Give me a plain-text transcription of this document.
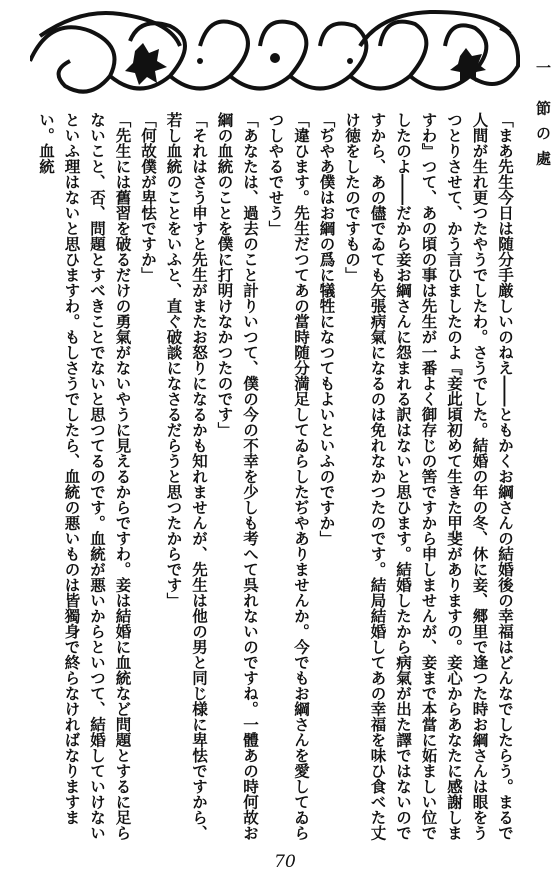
一 節の處

「まあ先生今日は随分手厳しいのねえ――ともかくお綱さんの結婚後の幸福はどんなでしたらう。まるで人間が生れ更つたやうでしたわ。さうでした。結婚の年の冬、休に妾、郷里で逢つた時お綱さんは眼をうつとりさせて、かう言ひましたのよ『妾此頃初めて生きた甲斐がありますの。妾心からあなたに感謝しますわ』つて、あの頃の事は先生が一番よく御存じの筈ですから申しませんが、妾まで本當に妬ましい位でしたのよ――だから妾お綱さんに怨まれる訳はないと思ひます。結婚したから病氣が出た譯ではないのですから、あの儘でゐても矢張病氣になるのは免れなかつたのです。結局結婚してあの幸福を味ひ食べた丈け徳をしたのですもの」

「ぢやあ僕はお綱の爲に犠牲になつてもよいといふのですか」

「違ひます。先生だつてあの當時随分満足してゐらしたぢやありませんか。今でもお綱さんを愛してゐらつしやるでせう」

「あなたは、過去のこと計りいつて、僕の今の不幸を少しも考へて呉れないのですね。一體あの時何故お綱の血統のことを僕に打明けなかつたのです」

「それはさう申すと先生がまたお怒りになるかも知れませんが、先生は他の男と同じ様に卑怯ですから、若し血統のことをいふと、直ぐ破談になさるだらうと思つたからです」

「何故僕が卑怯ですか」

「先生には舊習を破るだけの勇氣がないやうに見えるからですわ。妾は結婚に血統など問題とするに足らないこと、否、問題とすべきことでないと思つてるのです。血統が悪いからといつて、結婚していけないといふ理はないと思ひますわ。もしさうでしたら、血統の悪いものは皆獨身で終らなければなりますまい。血統

70
